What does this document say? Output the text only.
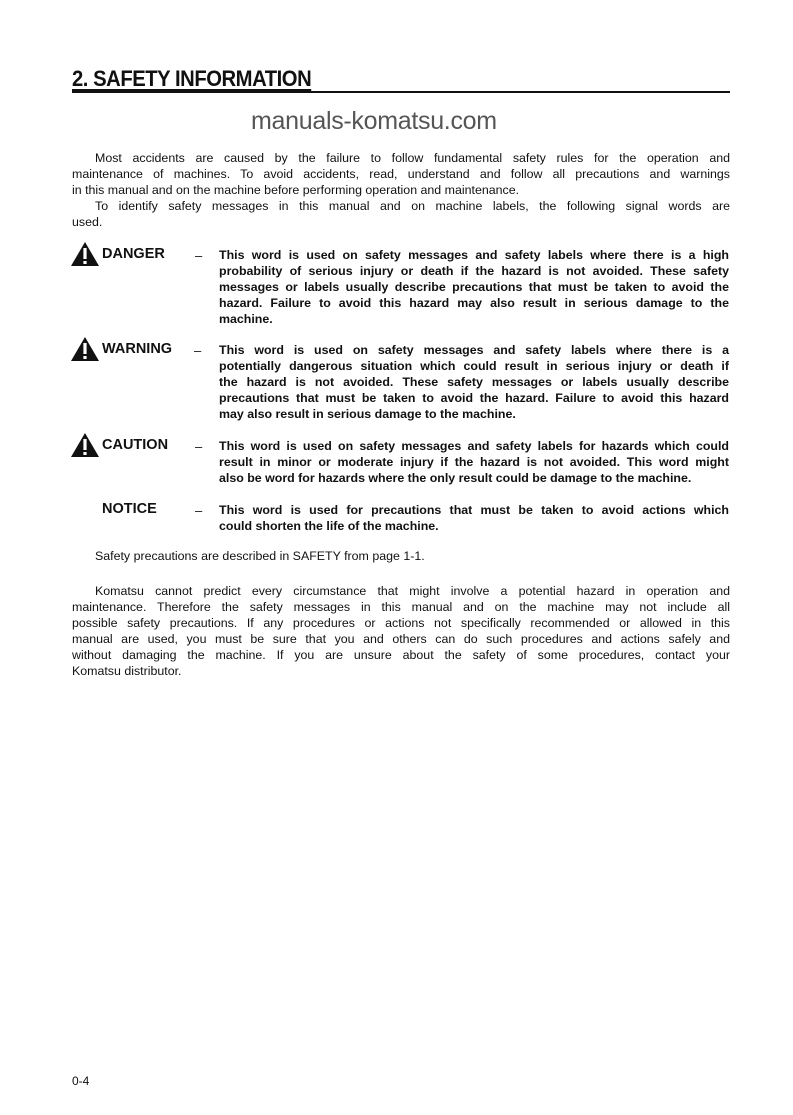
2. SAFETY INFORMATION
Most accidents are caused by the failure to follow fundamental safety rules for the operation and
maintenance of machines. To avoid accidents, read, understand and follow all precautions and warnings
in this manual and on the machine before performing operation and maintenance.
To identify safety messages in this manual and on machine labels, the following signal words are
used.
DANGER – This word is used on safety messages and safety labels where there is a high
probability of serious injury or death if the hazard is not avoided. These safety
messages or labels usually describe precautions that must be taken to avoid the
hazard. Failure to avoid this hazard may also result in serious damage to the
machine.
WARNING – This word is used on safety messages and safety labels where there is a
potentially dangerous situation which could result in serious injury or death if
the hazard is not avoided. These safety messages or labels usually describe
precautions that must be taken to avoid the hazard. Failure to avoid this hazard
may also result in serious damage to the machine.
CAUTION – This word is used on safety messages and safety labels for hazards which could
result in minor or moderate injury if the hazard is not avoided. This word might
also be word for hazards where the only result could be damage to the machine.
NOTICE	– This word is used for precautions that must be taken to avoid actions which
could shorten the life of the machine.
Safety precautions are described in SAFETY from page 1-1.
Komatsu cannot predict every circumstance that might involve a potential hazard in operation and
maintenance. Therefore the safety messages in this manual and on the machine may not include all
possible safety precautions. If any procedures or actions not specifically recommended or allowed in this
manual are used, you must be sure that you and others can do such procedures and actions safely and
without damaging the machine. If you are unsure about the safety of some procedures, contact your
Komatsu distributor.
manuals-komatsu.com
0-4
